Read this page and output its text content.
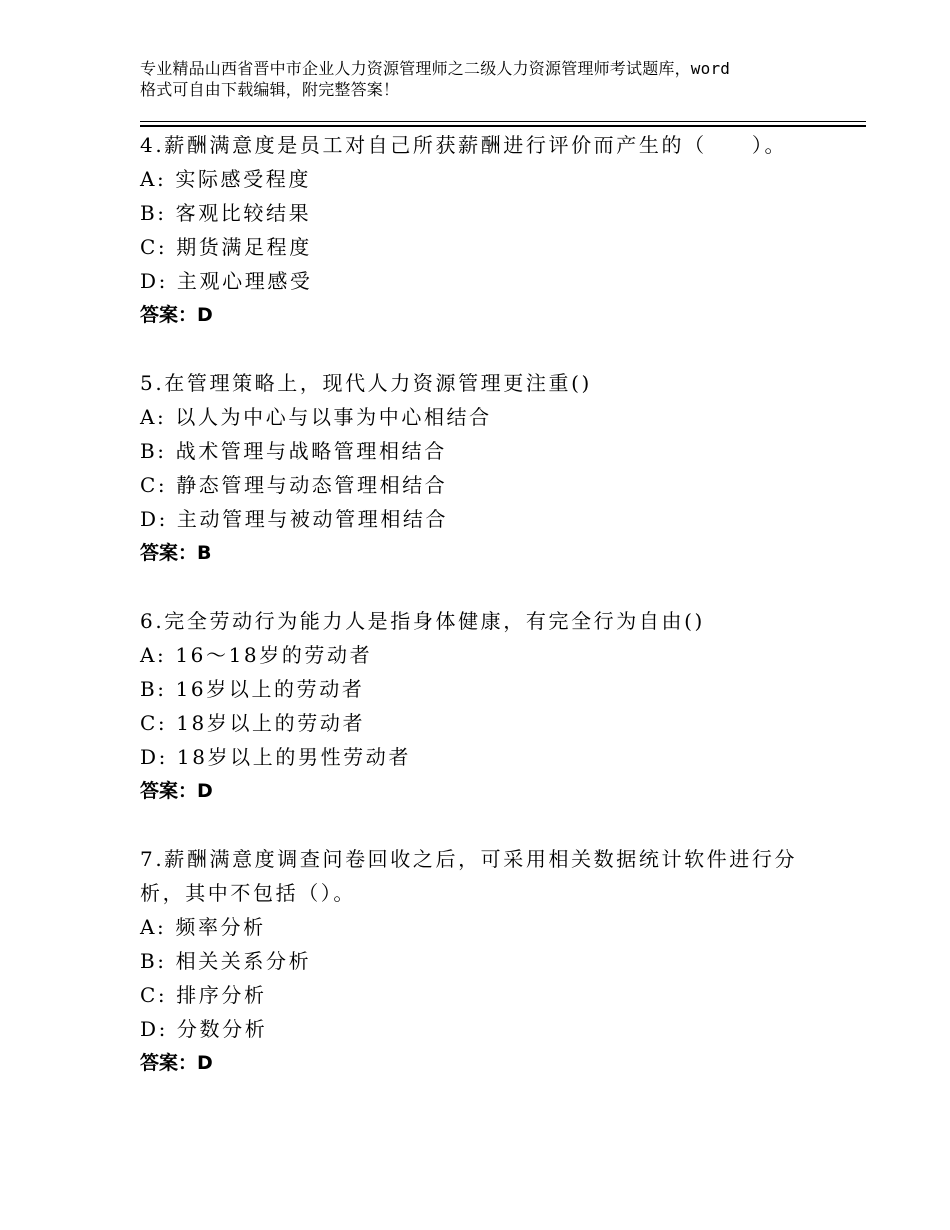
专业精品山西省晋中市企业人力资源管理师之二级人力资源管理师考试题库，word
格式可自由下载编辑，附完整答案！
4.薪酬满意度是员工对自己所获薪酬进行评价而产生的（　　）。
A: 实际感受程度
B: 客观比较结果
C: 期货满足程度
D: 主观心理感受
答案：D
5.在管理策略上，现代人力资源管理更注重()
A: 以人为中心与以事为中心相结合
B: 战术管理与战略管理相结合
C: 静态管理与动态管理相结合
D: 主动管理与被动管理相结合
答案：B
6.完全劳动行为能力人是指身体健康，有完全行为自由()
A: 16～18岁的劳动者
B: 16岁以上的劳动者
C: 18岁以上的劳动者
D: 18岁以上的男性劳动者
答案：D
7.薪酬满意度调查问卷回收之后，可采用相关数据统计软件进行分
析，其中不包括（）。
A: 频率分析
B: 相关关系分析
C: 排序分析
D: 分数分析
答案：D
